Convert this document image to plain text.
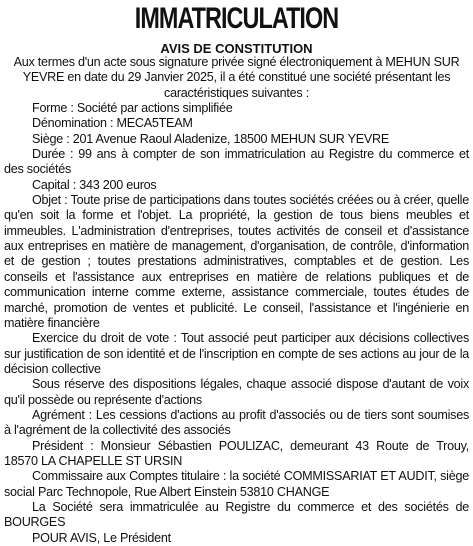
IMMATRICULATION
AVIS DE CONSTITUTION

Aux termes d'un acte sous signature privée signé électroniquement à MEHUN SUR YEVRE en date du 29 Janvier 2025, il a été constitué une société présentant les caractéristiques suivantes :

Forme : Société par actions simplifiée

Dénomination : MECA5TEAM

Siège : 201 Avenue Raoul Aladenize, 18500 MEHUN SUR YEVRE

Durée : 99 ans à compter de son immatriculation au Registre du commerce et des sociétés

Capital : 343 200 euros

Objet : Toute prise de participations dans toutes sociétés créées ou à créer, quelle qu'en soit la forme et l'objet. La propriété, la gestion de tous biens meubles et immeubles. L'administration d'entreprises, toutes activités de conseil et d'assistance aux entreprises en matière de management, d'organisation, de contrôle, d'information et de gestion ; toutes prestations administratives, comptables et de gestion. Les conseils et l'assistance aux entreprises en matière de relations publiques et de communication interne comme externe, assistance commerciale, toutes études de marché, promotion de ventes et publicité. Le conseil, l'assistance et l'ingénierie en matière financière

Exercice du droit de vote : Tout associé peut participer aux décisions collectives sur justification de son identité et de l'inscription en compte de ses actions au jour de la décision collective

Sous réserve des dispositions légales, chaque associé dispose d'autant de voix qu'il possède ou représente d'actions

Agrément : Les cessions d'actions au profit d'associés ou de tiers sont soumises à l'agrément de la collectivité des associés

Président : Monsieur Sébastien POULIZAC, demeurant 43 Route de Trouy, 18570 LA CHAPELLE ST URSIN

Commissaire aux Comptes titulaire : la société COMMISSARIAT ET AUDIT, siège social Parc Technopole, Rue Albert Einstein 53810 CHANGE

La Société sera immatriculée au Registre du commerce et des sociétés de BOURGES

POUR AVIS, Le Président
